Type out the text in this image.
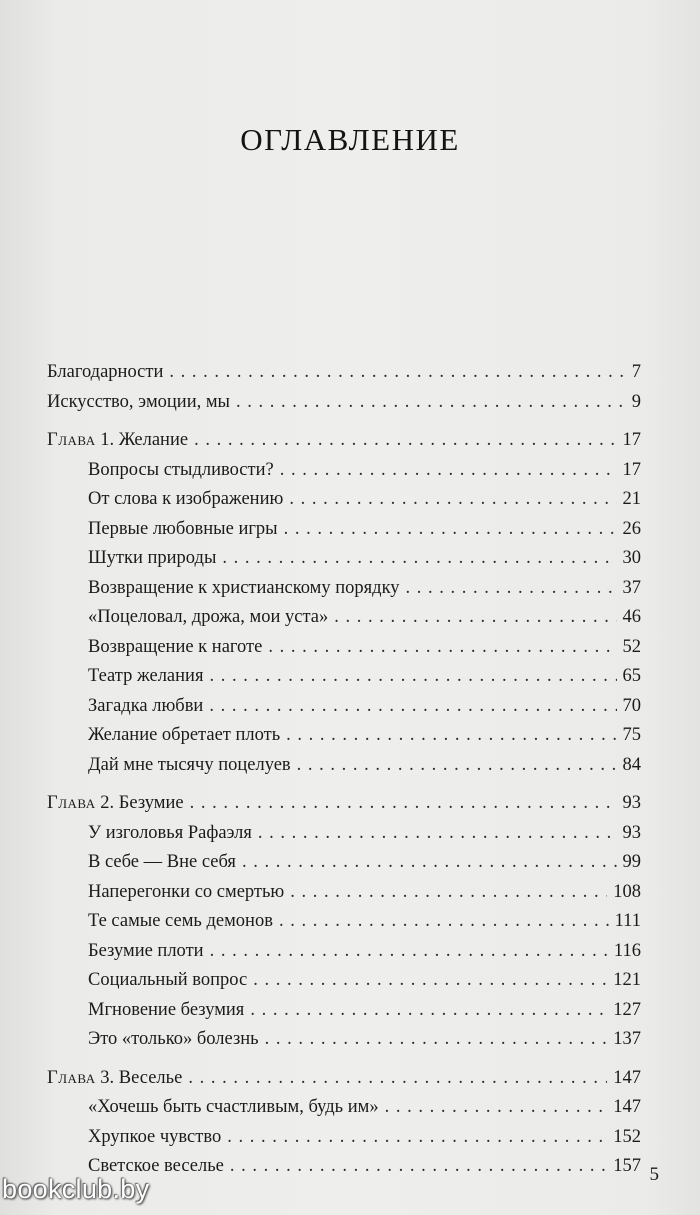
ОГЛАВЛЕНИЕ
Благодарности . . .	7
Искусство, эмоции, мы . . .	9
Глава 1. Желание . . .	17
Вопросы стыдливости? . . .	17
От слова к изображению . . .	21
Первые любовные игры . . .	26
Шутки природы . . .	30
Возвращение к христианскому порядку . . .	37
«Поцеловал, дрожа, мои уста» . . .	46
Возвращение к наготе . . .	52
Театр желания . . .	65
Загадка любви . . .	70
Желание обретает плоть . . .	75
Дай мне тысячу поцелуев . . .	84
Глава 2. Безумие . . .	93
У изголовья Рафаэля . . .	93
В себе — Вне себя . . .	99
Наперегонки со смертью . . .	108
Те самые семь демонов . . .	111
Безумие плоти . . .	116
Социальный вопрос . . .	121
Мгновение безумия . . .	127
Это «только» болезнь . . .	137
Глава 3. Веселье . . .	147
«Хочешь быть счастливым, будь им» . . .	147
Хрупкое чувство . . .	152
Светское веселье . . .	157 5
bookclub.by
